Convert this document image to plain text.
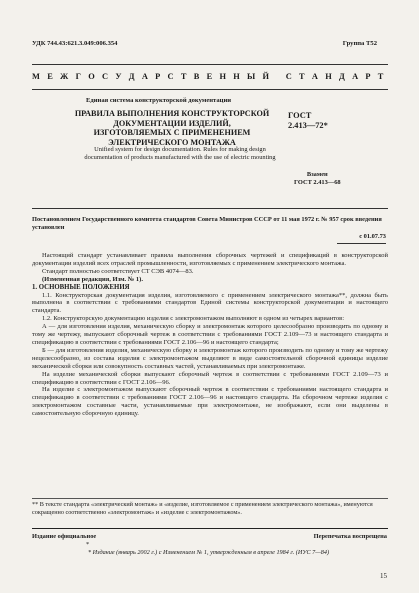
УДК 744.43:621.3.049:006.354	Группа Т52
М Е Ж Г О С У Д А Р С Т В Е Н Н Ы Й
С Т А Н Д А Р Т
Единая система конструкторской документации
ПРАВИЛА ВЫПОЛНЕНИЯ КОНСТРУКТОРСКОЙ ДОКУМЕНТАЦИИ ИЗДЕЛИЙ, ИЗГОТОВЛЯЕМЫХ С ПРИМЕНЕНИЕМ ЭЛЕКТРИЧЕСКОГО МОНТАЖА
ГОСТ
2.413—72*
Unified system for design documentation. Rules for making design documentation of products manufactured with the use of electric mounting
Взамен
ГОСТ 2.413—68
Постановлением Государственного комитета стандартов Совета Министров СССР от 11 мая 1972 г. № 957 срок введения установлен
с 01.07.73

Настоящий стандарт устанавливает правила выполнения сборочных чертежей и спецификаций в конструкторской документации изделий всех отраслей промышленности, изготовляемых с применением электрического монтажа.

Стандарт полностью соответствует СТ СЭВ 4074—83.

(Измененная редакция, Изм. № 1).

1. ОСНОВНЫЕ ПОЛОЖЕНИЯ

1.1. Конструкторская документация изделия, изготовляемого с применением электрического монтажа**, должна быть выполнена в соответствии с требованиями стандартов Единой системы конструкторской документации и настоящего стандарта.

1.2. Конструкторскую документацию изделия с электромонтажом выполняют в одном из четырех вариантов:

А — для изготовления изделия, механическую сборку и электромонтаж которого целесообразно производить по одному и тому же чертежу, выпускают сборочный чертеж в соответствии с требованиями ГОСТ 2.109—73 и настоящего стандарта и спецификацию в соответствии с требованиями ГОСТ 2.106—96 и настоящего стандарта;

Б — для изготовления изделия, механическую сборку и электромонтаж которого производить по одному и тому же чертежу нецелесообразно, из состава изделия с электромонтажом выделяют в виде самостоятельной сборочной единицы изделие механической сборки или совокупность составных частей, устанавливаемых при электромонтаже.

На изделие механической сборки выпускают сборочный чертеж в соответствии с требованиями ГОСТ 2.109—73 и спецификацию в соответствии с ГОСТ 2.106—96.

На изделие с электромонтажом выпускают сборочный чертеж в соответствии с требованиями настоящего стандарта и спецификацию в соответствии с требованиями ГОСТ 2.106—96 и настоящего стандарта. На сборочном чертеже изделия с электромонтажом составные части, устанавливаемые при электромонтаже, не изображают, если они выделены в самостоятельную сборочную единицу.

** В тексте стандарта «электрический монтаж» и «изделие, изготовляемое с применением электрического монтажа», именуются сокращенно соответственно «электромонтаж» и «изделие с электромонтажом».
Издание официальное	Перепечатка воспрещена
*
* Издание (январь 2002 г.) с Изменением № 1, утвержденным в апреле 1984 г. (ИУС 7—84)
15
